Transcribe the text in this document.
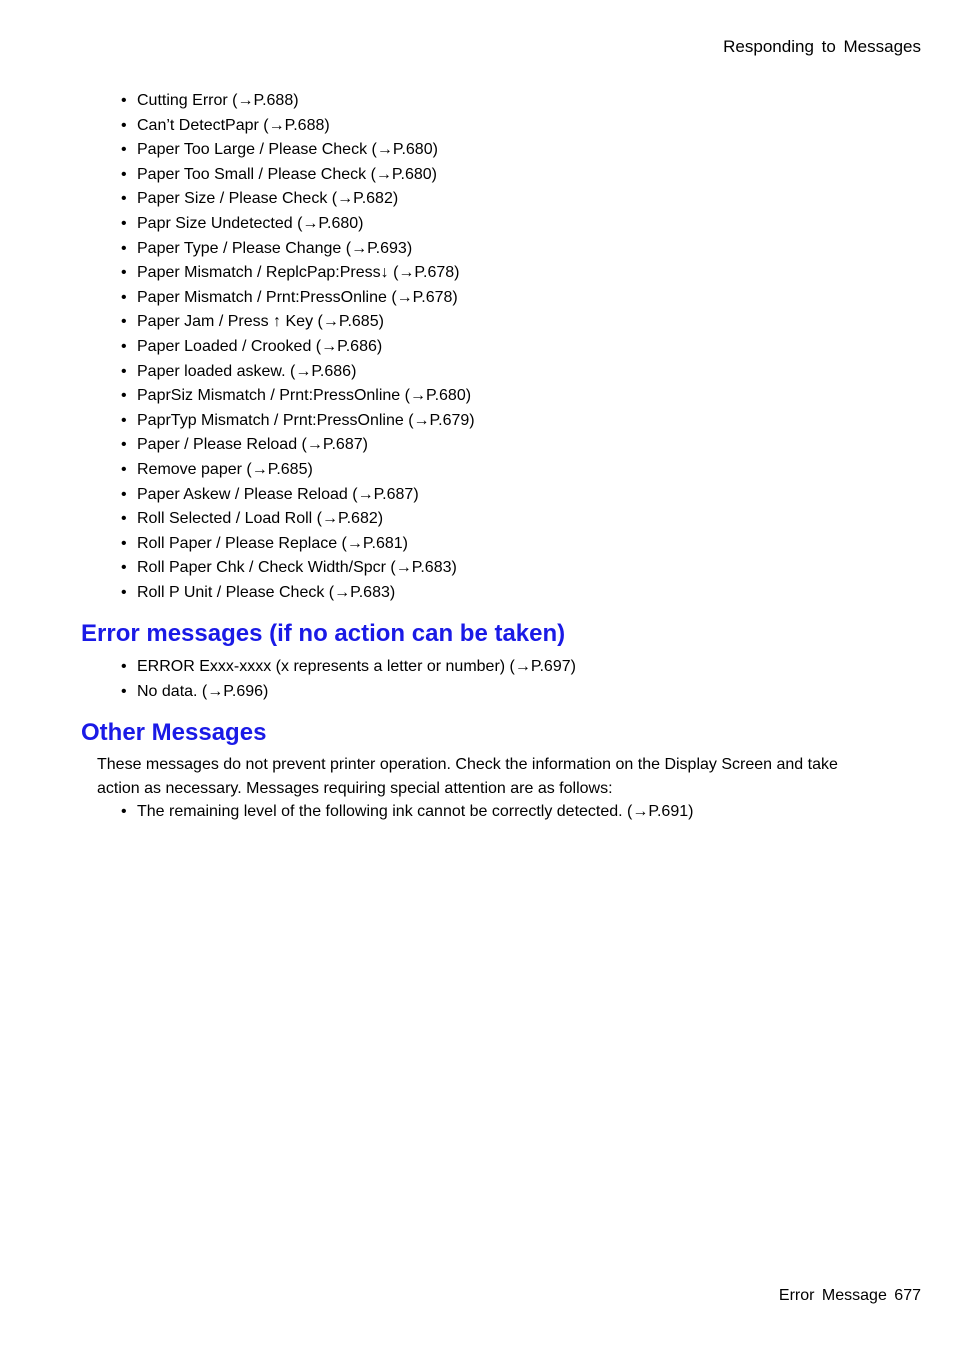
Responding to Messages
• Cutting Error (→P.688)
• Can’t DetectPapr (→P.688)
• Paper Too Large / Please Check (→P.680)
• Paper Too Small / Please Check (→P.680)
• Paper Size / Please Check (→P.682)
• Papr Size Undetected (→P.680)
• Paper Type / Please Change (→P.693)
• Paper Mismatch / ReplcPap:Press↓ (→P.678)
• Paper Mismatch / Prnt:PressOnline (→P.678)
• Paper Jam / Press ↑ Key (→P.685)
• Paper Loaded / Crooked (→P.686)
• Paper loaded askew. (→P.686)
• PaprSiz Mismatch / Prnt:PressOnline (→P.680)
• PaprTyp Mismatch / Prnt:PressOnline (→P.679)
• Paper / Please Reload (→P.687)
• Remove paper (→P.685)
• Paper Askew / Please Reload (→P.687)
• Roll Selected / Load Roll (→P.682)
• Roll Paper / Please Replace (→P.681)
• Roll Paper Chk / Check Width/Spcr (→P.683)
• Roll P Unit / Please Check (→P.683)
Error messages (if no action can be taken)
• ERROR Exxx-xxxx (x represents a letter or number) (→P.697)
• No data. (→P.696)
Other Messages

These messages do not prevent printer operation. Check the information on the Display Screen and take action as necessary. Messages requiring special attention are as follows:

• The remaining level of the following ink cannot be correctly detected. (→P.691)
Error Message 677
